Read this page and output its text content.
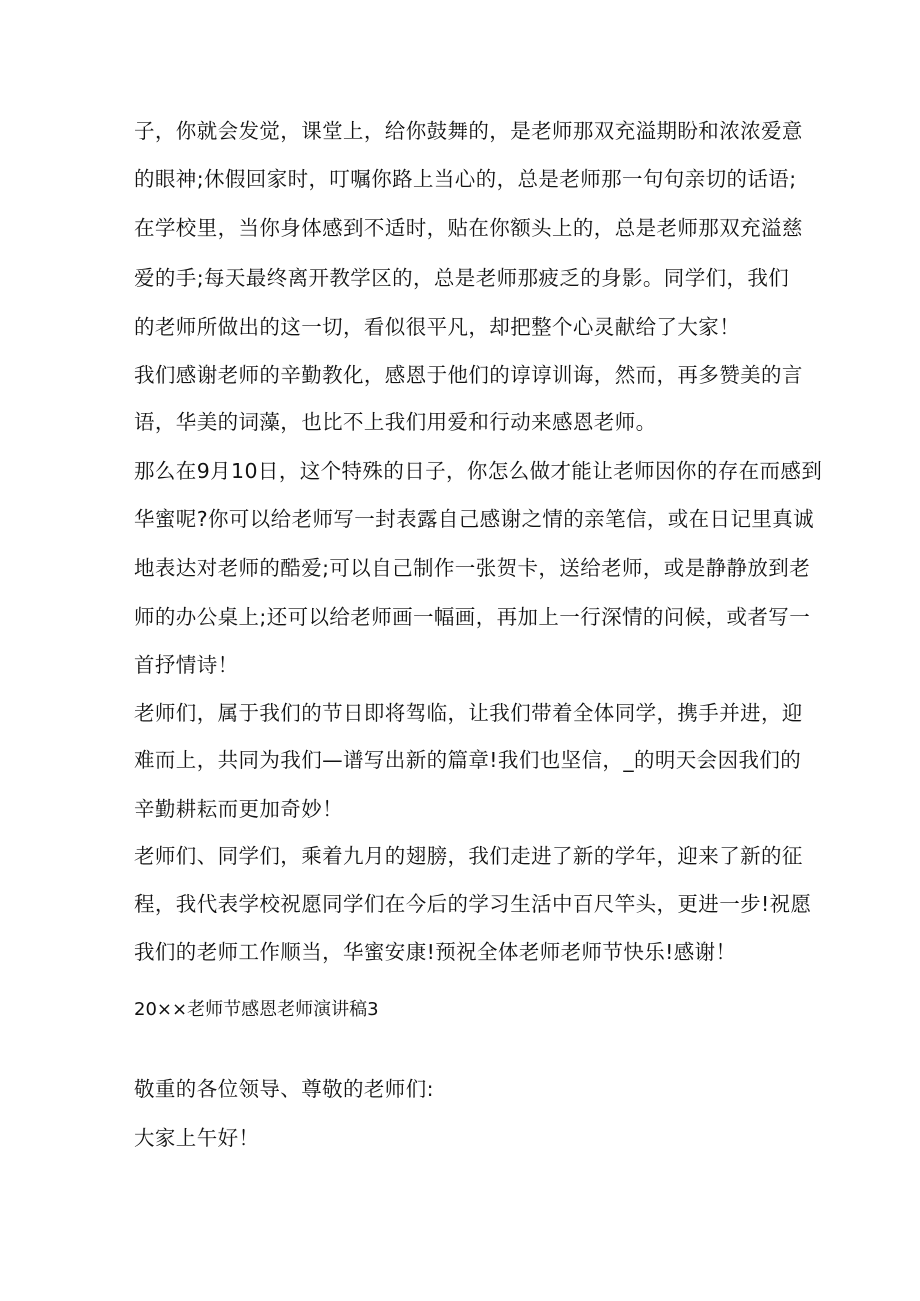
子，你就会发觉，课堂上，给你鼓舞的，是老师那双充溢期盼和浓浓爱意
的眼神;休假回家时，叮嘱你路上当心的，总是老师那一句句亲切的话语;
在学校里，当你身体感到不适时，贴在你额头上的，总是老师那双充溢慈
爱的手;每天最终离开教学区的，总是老师那疲乏的身影。同学们，我们
的老师所做出的这一切，看似很平凡，却把整个心灵献给了大家！
我们感谢老师的辛勤教化，感恩于他们的谆谆训诲，然而，再多赞美的言
语，华美的词藻，也比不上我们用爱和行动来感恩老师。
那么在9月10日，这个特殊的日子，你怎么做才能让老师因你的存在而感到
华蜜呢?你可以给老师写一封表露自己感谢之情的亲笔信，或在日记里真诚
地表达对老师的酷爱;可以自己制作一张贺卡，送给老师，或是静静放到老
师的办公桌上;还可以给老师画一幅画，再加上一行深情的问候，或者写一
首抒情诗！
老师们，属于我们的节日即将驾临，让我们带着全体同学，携手并进，迎
难而上，共同为我们—谱写出新的篇章!我们也坚信，_的明天会因我们的
辛勤耕耘而更加奇妙！
老师们、同学们，乘着九月的翅膀，我们走进了新的学年，迎来了新的征
程，我代表学校祝愿同学们在今后的学习生活中百尺竿头，更进一步!祝愿
我们的老师工作顺当，华蜜安康!预祝全体老师老师节快乐!感谢！
20××老师节感恩老师演讲稿3
敬重的各位领导、尊敬的老师们:
大家上午好！
